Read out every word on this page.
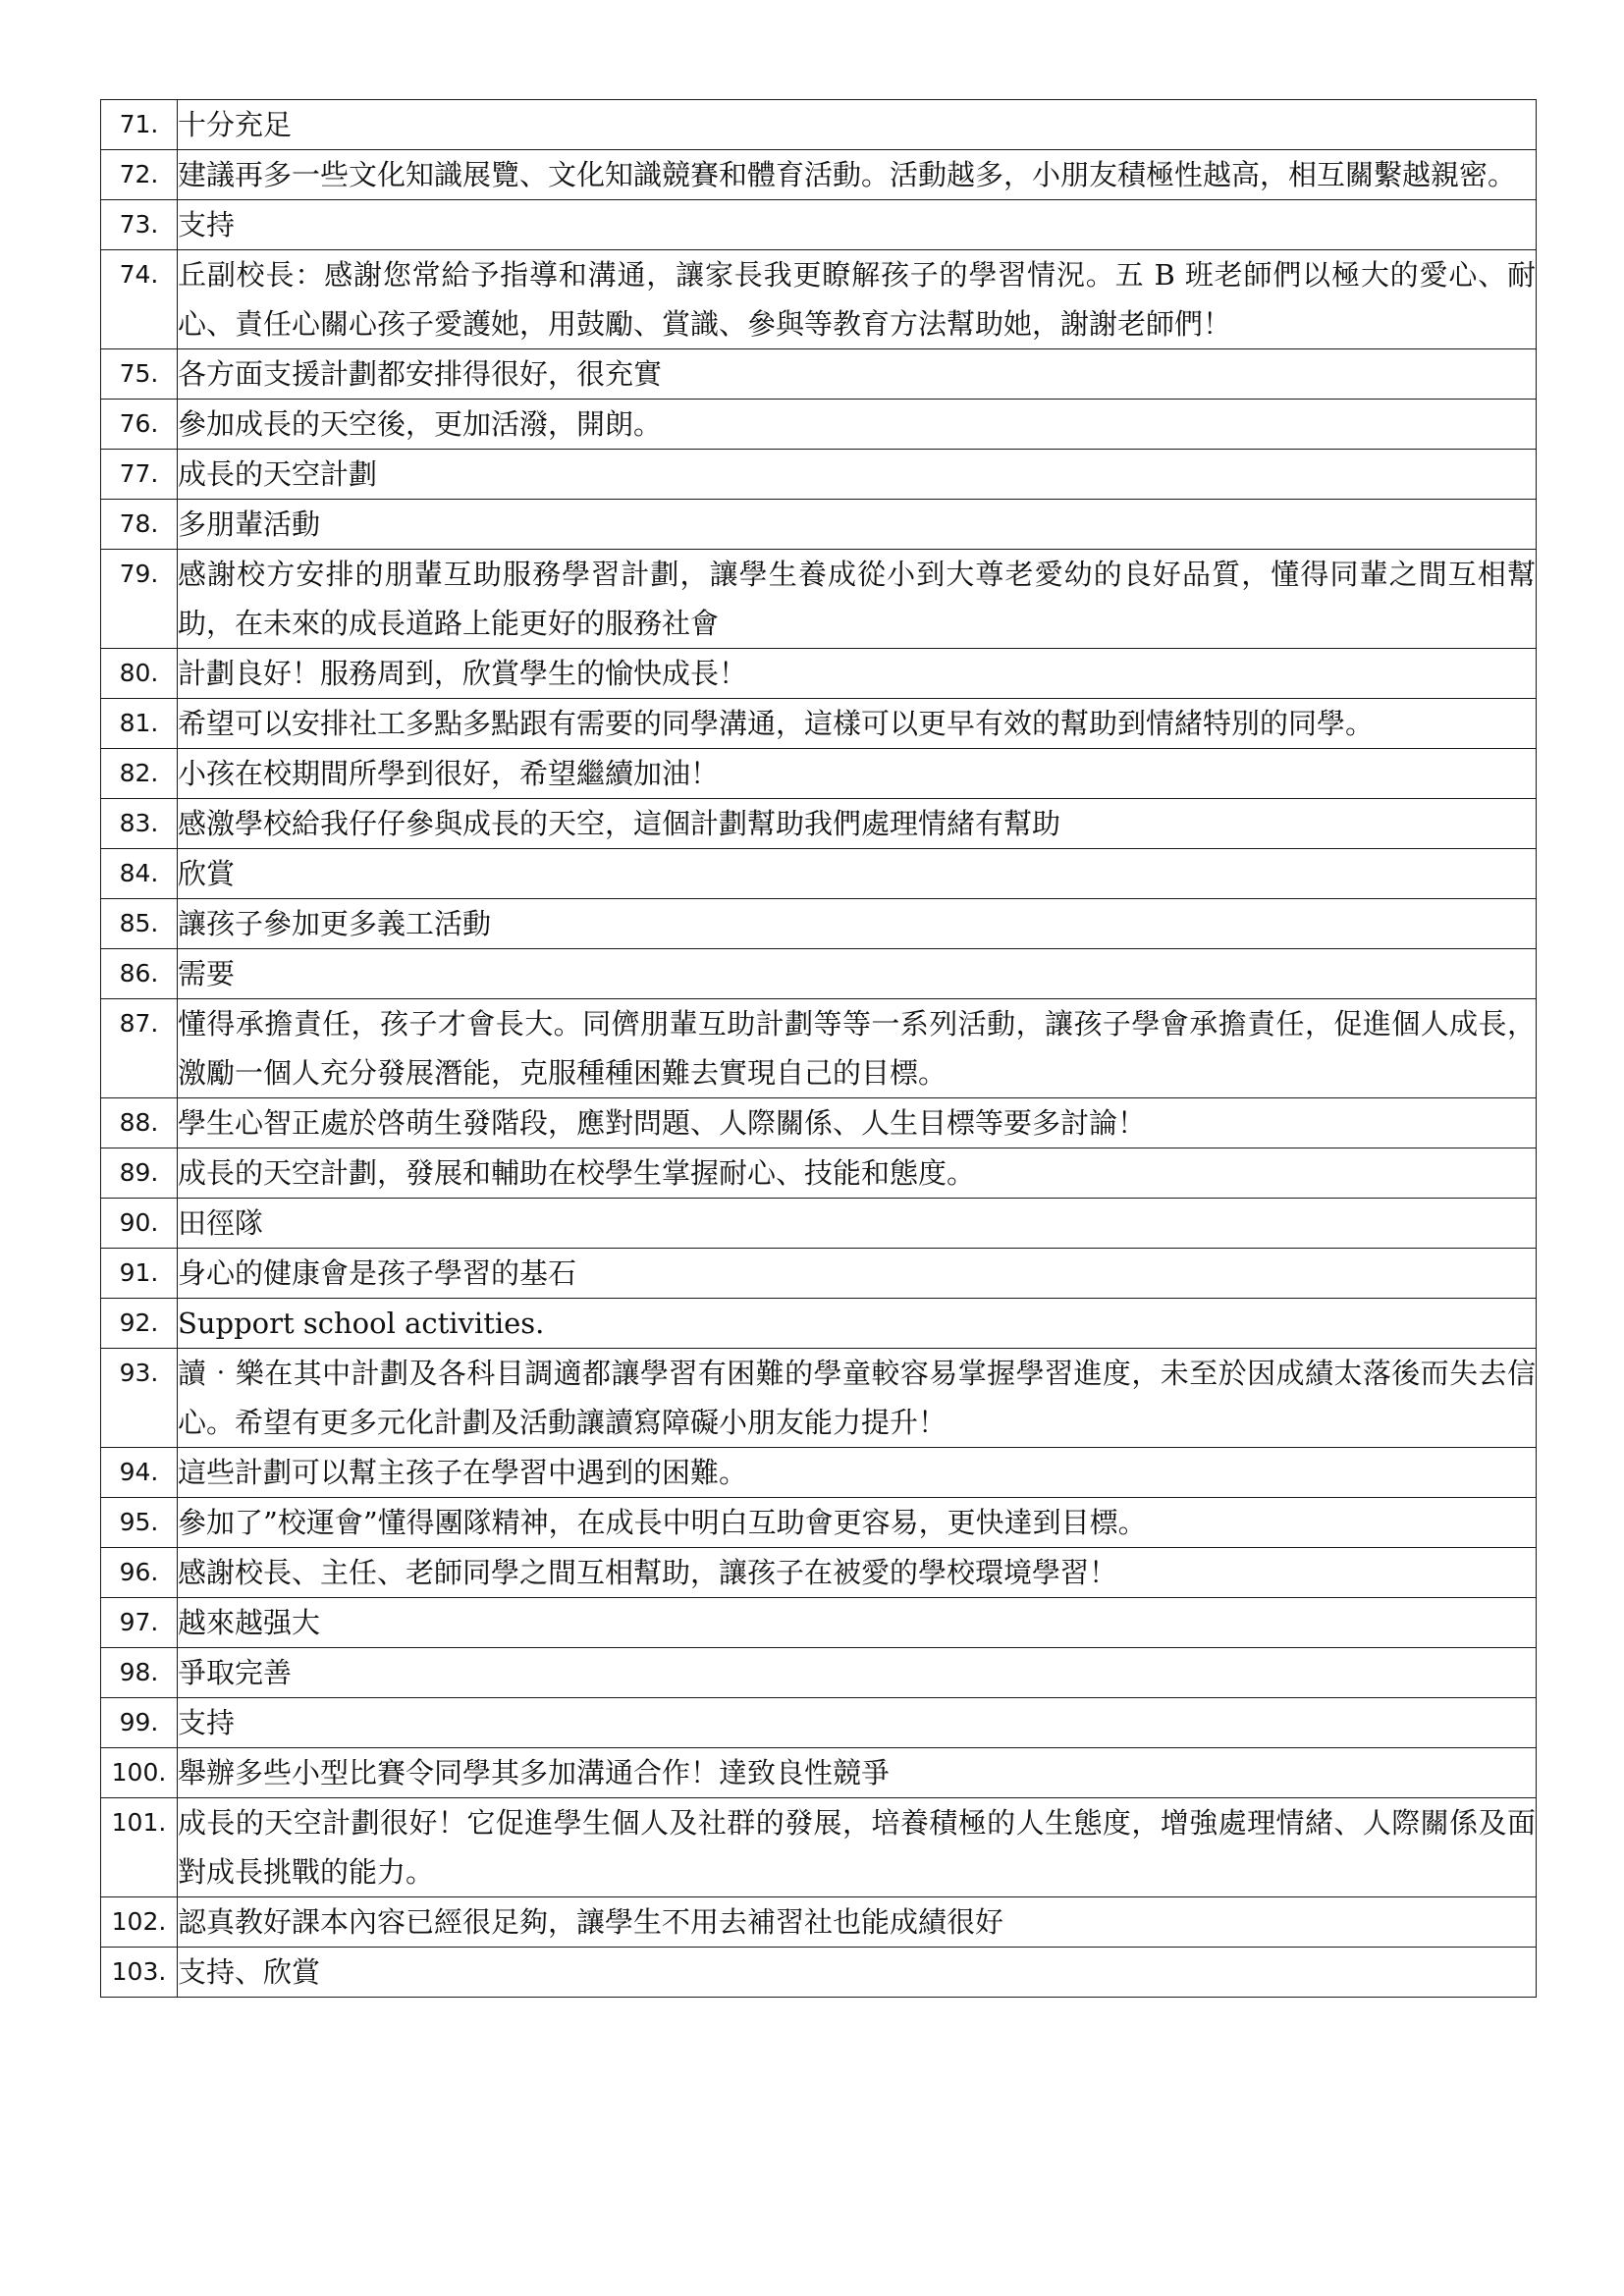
71.	十分充足
72.	建議再多一些文化知識展覽、文化知識競賽和體育活動。活動越多，小朋友積極性越高，相互關繫越親密。
73.	支持
74.	丘副校長：感謝您常給予指導和溝通，讓家長我更瞭解孩子的學習情況。五 B 班老師們以極大的愛心、耐心、責任心關心孩子愛護她，用鼓勵、賞識、參與等教育方法幫助她，謝謝老師們！
75.	各方面支援計劃都安排得很好，很充實
76.	參加成長的天空後，更加活潑，開朗。
77.	成長的天空計劃
78.	多朋輩活動
79.	感謝校方安排的朋輩互助服務學習計劃，讓學生養成從小到大尊老愛幼的良好品質，懂得同輩之間互相幫助，在未來的成長道路上能更好的服務社會
80.	計劃良好！服務周到，欣賞學生的愉快成長！
81.	希望可以安排社工多點多點跟有需要的同學溝通，這樣可以更早有效的幫助到情緒特別的同學。
82.	小孩在校期間所學到很好，希望繼續加油！
83.	感激學校給我仔仔參與成長的天空，這個計劃幫助我們處理情緒有幫助
84.	欣賞
85.	讓孩子參加更多義工活動
86.	需要
87.	懂得承擔責任，孩子才會長大。同儕朋輩互助計劃等等一系列活動，讓孩子學會承擔責任，促進個人成長，激勵一個人充分發展潛能，克服種種困難去實現自己的目標。
88.	學生心智正處於啓萌生發階段，應對問題、人際關係、人生目標等要多討論！
89.	成長的天空計劃，發展和輔助在校學生掌握耐心、技能和態度。
90.	田徑隊
91.	身心的健康會是孩子學習的基石
92.	Support school activities.
93.	讀‧樂在其中計劃及各科目調適都讓學習有困難的學童較容易掌握學習進度，未至於因成績太落後而失去信心。希望有更多元化計劃及活動讓讀寫障礙小朋友能力提升！
94.	這些計劃可以幫主孩子在學習中遇到的困難。
95.	參加了”校運會”懂得團隊精神，在成長中明白互助會更容易，更快達到目標。
96.	感謝校長、主任、老師同學之間互相幫助，讓孩子在被愛的學校環境學習！
97.	越來越强大
98.	爭取完善
99.	支持
100.	舉辦多些小型比賽令同學其多加溝通合作！達致良性競爭
101.	成長的天空計劃很好！它促進學生個人及社群的發展，培養積極的人生態度，增強處理情緒、人際關係及面對成長挑戰的能力。
102.	認真教好課本內容已經很足夠，讓學生不用去補習社也能成績很好
103.	支持、欣賞
